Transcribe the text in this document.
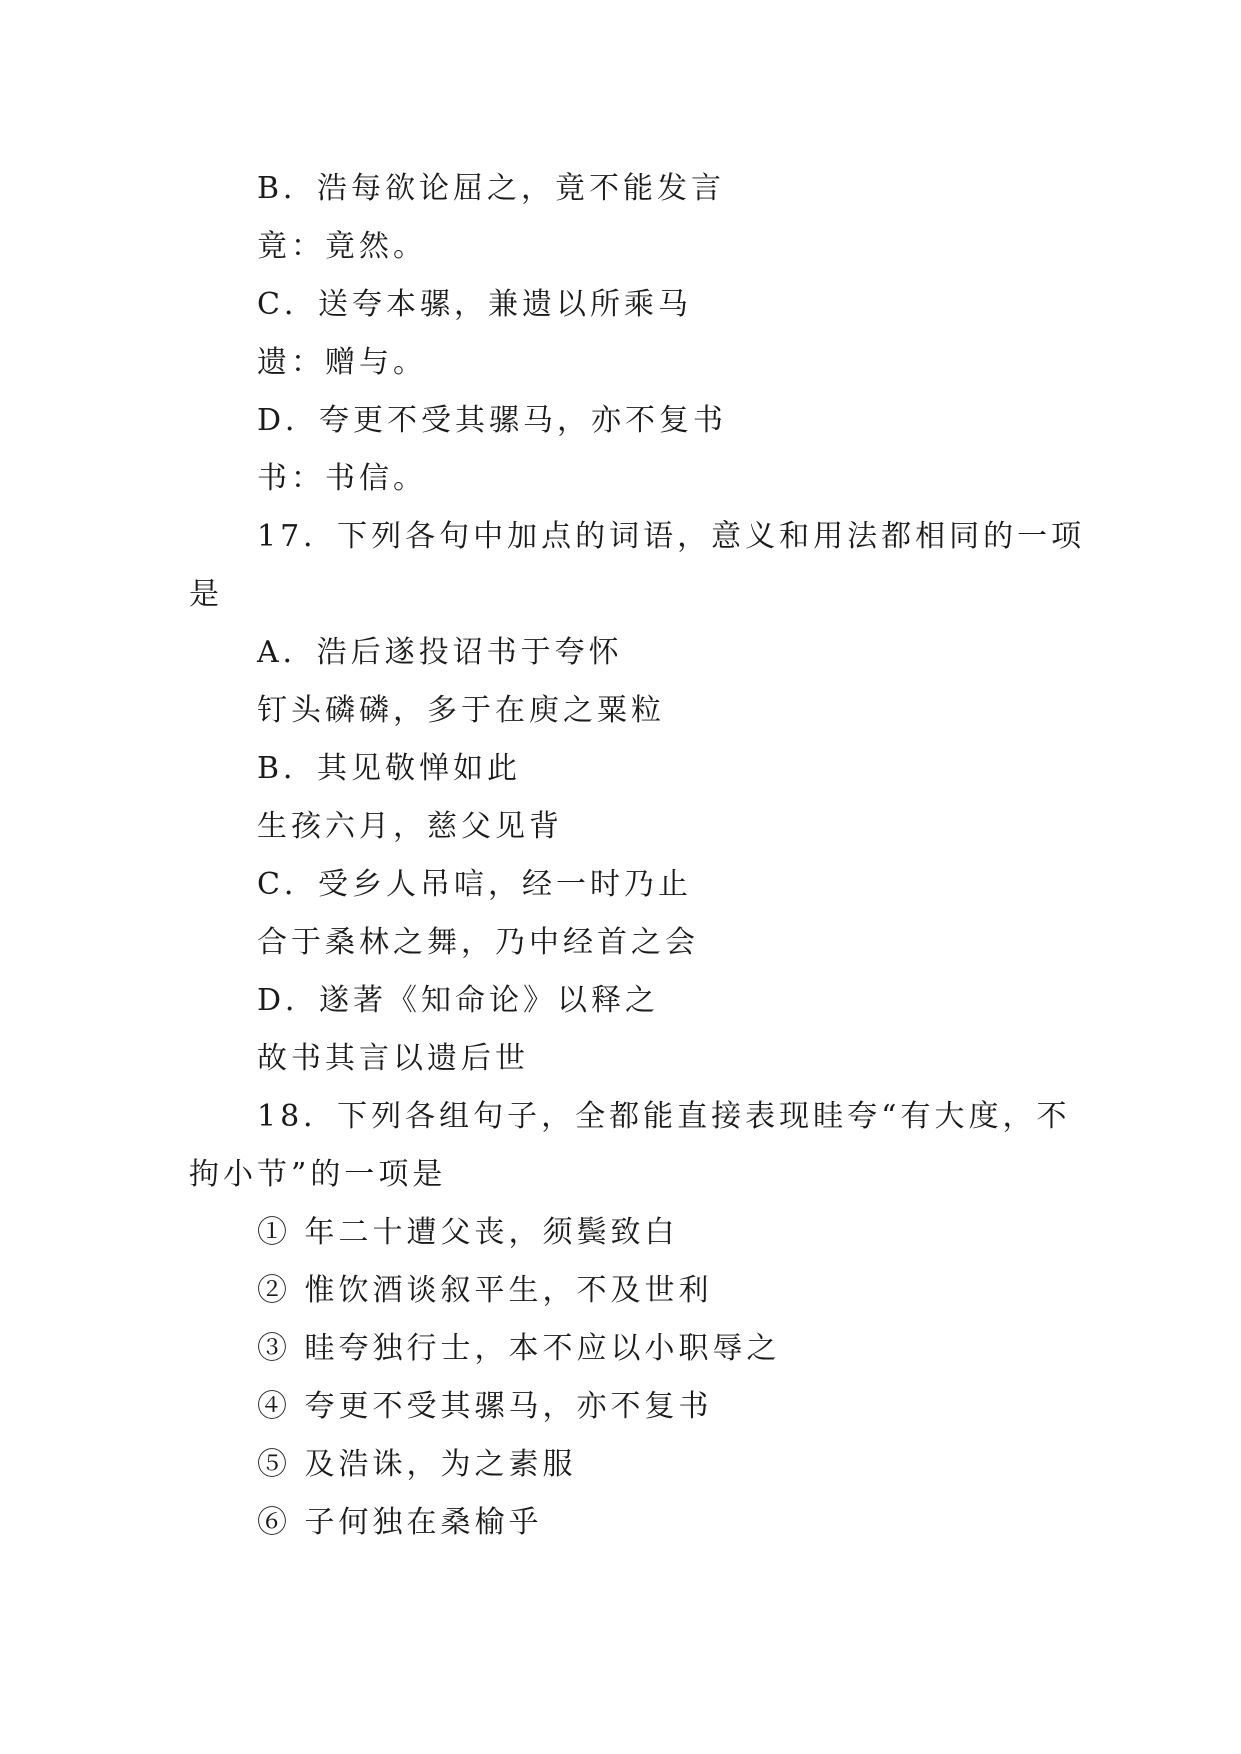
B．浩每欲论屈之，竟不能发言
竟：竟然。
C．送夸本骡，兼遗以所乘马
遗：赠与。
D．夸更不受其骡马，亦不复书
书：书信。
17．下列各句中加点的词语，意义和用法都相同的一项
是
A．浩后遂投诏书于夸怀
钉头磷磷，多于在庾之粟粒
B．其见敬惮如此
生孩六月，慈父见背
C．受乡人吊唁，经一时乃止
合于桑林之舞，乃中经首之会
D．遂著《知命论》以释之
故书其言以遗后世
18．下列各组句子，全都能直接表现眭夸“有大度，不
拘小节”的一项是
① 年二十遭父丧，须鬓致白
② 惟饮酒谈叙平生，不及世利
③ 眭夸独行士，本不应以小职辱之
④ 夸更不受其骡马，亦不复书
⑤ 及浩诛，为之素服
⑥ 子何独在桑榆乎
